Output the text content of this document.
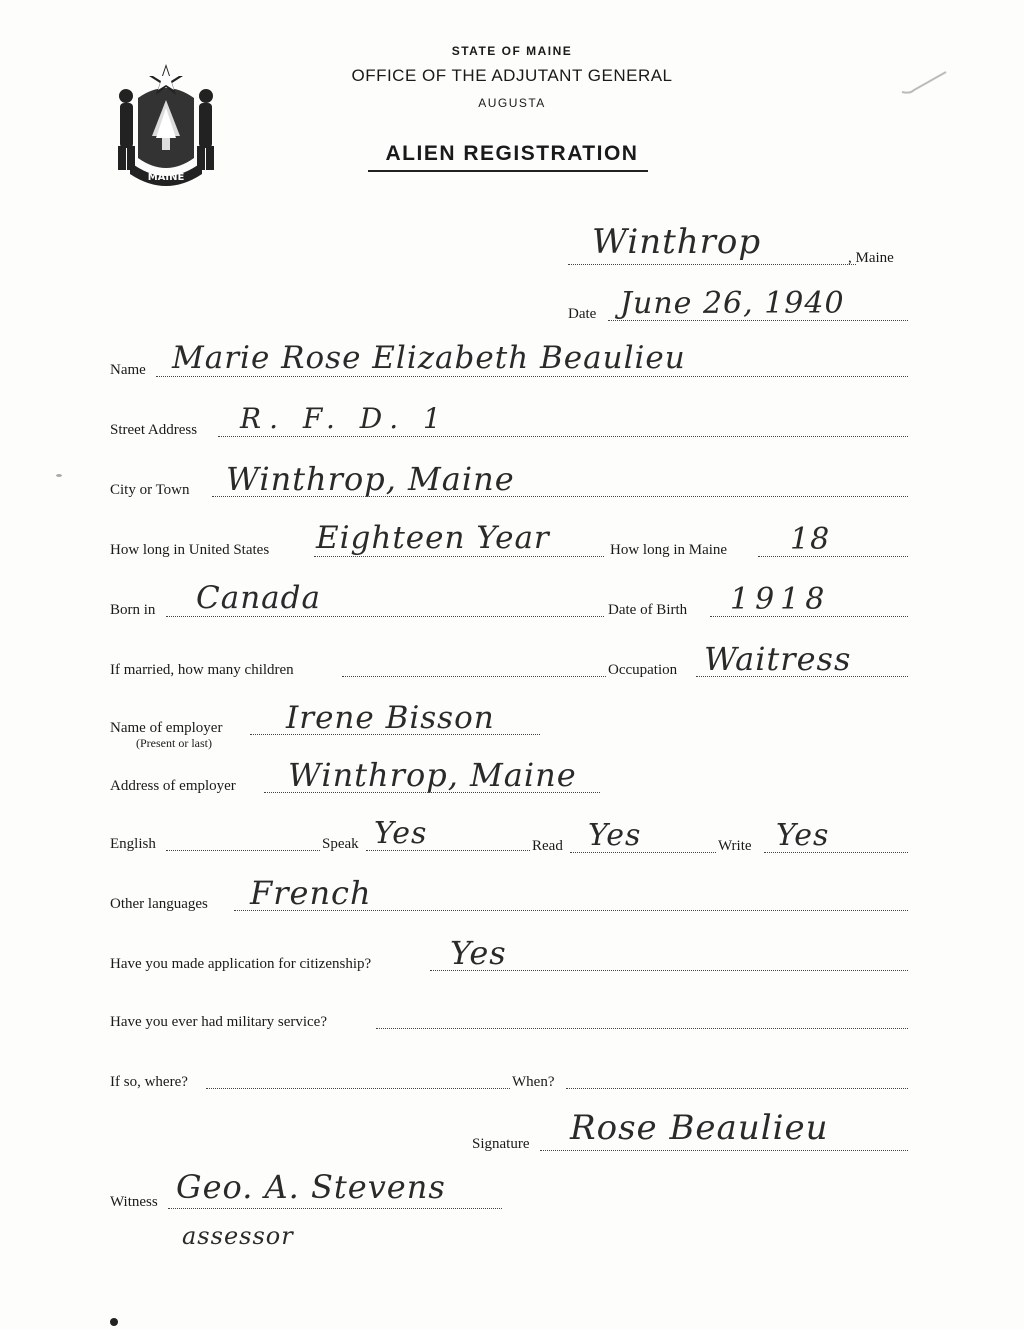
MAINE
STATE OF MAINE
OFFICE OF THE ADJUTANT GENERAL
AUGUSTA
ALIEN REGISTRATION
Winthrop	, Maine
Date June 26, 1940
Name Marie Rose Elizabeth Beaulieu
Street Address R. F. D. 1
City or Town Winthrop, Maine
How long in United States Eighteen Year	How long in Maine 18
Born in Canada	Date of Birth 1918
If married, how many children	Occupation Waitress
Name of employer
(Present or last)
Irene Bisson
Address of employer Winthrop, Maine
English	Speak Yes	Read Yes	Write Yes
Other languages French
Have you made application for citizenship? Yes
Have you ever had military service?
If so, where?	When?
Signature Rose Beaulieu
Witness Geo. A. Stevens
assessor
